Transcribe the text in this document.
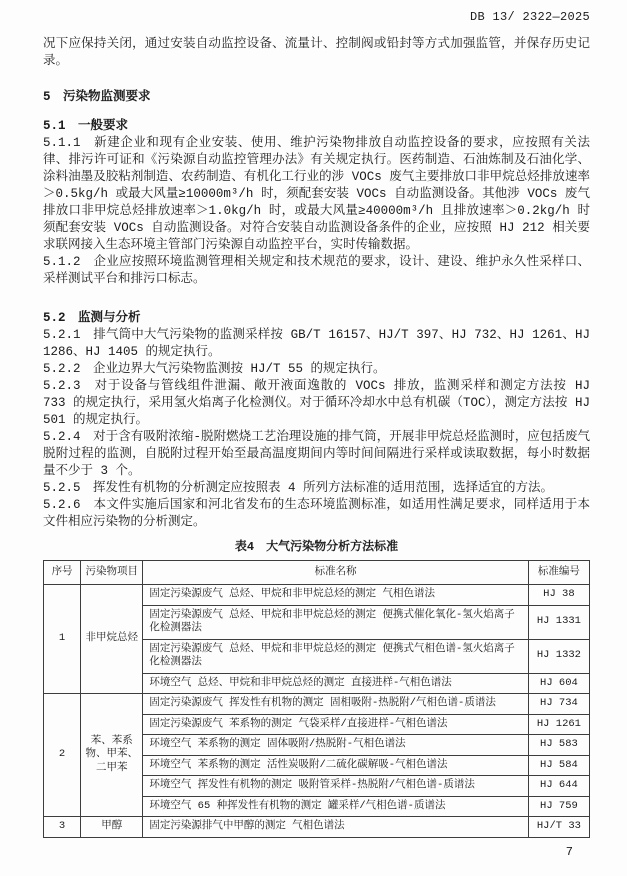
DB 13/ 2322—2025

况下应保持关闭，通过安装自动监控设备、流量计、控制阀或铅封等方式加强监管，并保存历史记录。

5　污染物监测要求
5.1　一般要求

5.1.1　新建企业和现有企业安装、使用、维护污染物排放自动监控设备的要求，应按照有关法律、排污许可证和《污染源自动监控管理办法》有关规定执行。医药制造、石油炼制及石油化学、涂料油墨及胶粘剂制造、农药制造、有机化工行业的涉 VOCs 废气主要排放口非甲烷总烃排放速率＞0.5kg/h 或最大风量≥10000m³/h 时，须配套安装 VOCs 自动监测设备。其他涉 VOCs 废气排放口非甲烷总烃排放速率＞1.0kg/h 时，或最大风量≥40000m³/h 且排放速率＞0.2kg/h 时须配套安装 VOCs 自动监测设备。对符合安装自动监测设备条件的企业，应按照 HJ 212 相关要求联网接入生态环境主管部门污染源自动监控平台，实时传输数据。

5.1.2　企业应按照环境监测管理相关规定和技术规范的要求，设计、建设、维护永久性采样口、采样测试平台和排污口标志。

5.2　监测与分析

5.2.1　排气筒中大气污染物的监测采样按 GB/T 16157、HJ/T 397、HJ 732、HJ 1261、HJ 1286、HJ 1405 的规定执行。

5.2.2　企业边界大气污染物监测按 HJ/T 55 的规定执行。

5.2.3　对于设备与管线组件泄漏、敞开液面逸散的 VOCs 排放，监测采样和测定方法按 HJ 733 的规定执行，采用氢火焰离子化检测仪。对于循环冷却水中总有机碳（TOC），测定方法按 HJ 501 的规定执行。

5.2.4　对于含有吸附浓缩-脱附燃烧工艺治理设施的排气筒，开展非甲烷总烃监测时，应包括废气脱附过程的监测，自脱附过程开始至最高温度期间内等时间间隔进行采样或读取数据，每小时数据量不少于 3 个。

5.2.5　挥发性有机物的分析测定应按照表 4 所列方法标准的适用范围，选择适宜的方法。

5.2.6　本文件实施后国家和河北省发布的生态环境监测标准，如适用性满足要求，同样适用于本文件相应污染物的分析测定。

表4　大气污染物分析方法标准
序号	污染物项目	标准名称	标准编号
1	非甲烷总烃	固定污染源废气 总烃、甲烷和非甲烷总烃的测定 气相色谱法	HJ 38
		固定污染源废气 总烃、甲烷和非甲烷总烃的测定 便携式催化氧化-氢火焰离子化检测器法	HJ 1331
		固定污染源废气 总烃、甲烷和非甲烷总烃的测定 便携式气相色谱-氢火焰离子化检测器法	HJ 1332
		环境空气 总烃、甲烷和非甲烷总烃的测定 直接进样-气相色谱法	HJ 604
2	苯、苯系物、甲苯、二甲苯	固定污染源废气 挥发性有机物的测定 固相吸附-热脱附/气相色谱-质谱法	HJ 734
		固定污染源废气 苯系物的测定 气袋采样/直接进样-气相色谱法	HJ 1261
		环境空气 苯系物的测定 固体吸附/热脱附-气相色谱法	HJ 583
		环境空气 苯系物的测定 活性炭吸附/二硫化碳解吸-气相色谱法	HJ 584
		环境空气 挥发性有机物的测定 吸附管采样-热脱附/气相色谱-质谱法	HJ 644
		环境空气 65 种挥发性有机物的测定 罐采样/气相色谱-质谱法	HJ 759
3	甲醇	固定污染源排气中甲醇的测定 气相色谱法	HJ/T 33
7
